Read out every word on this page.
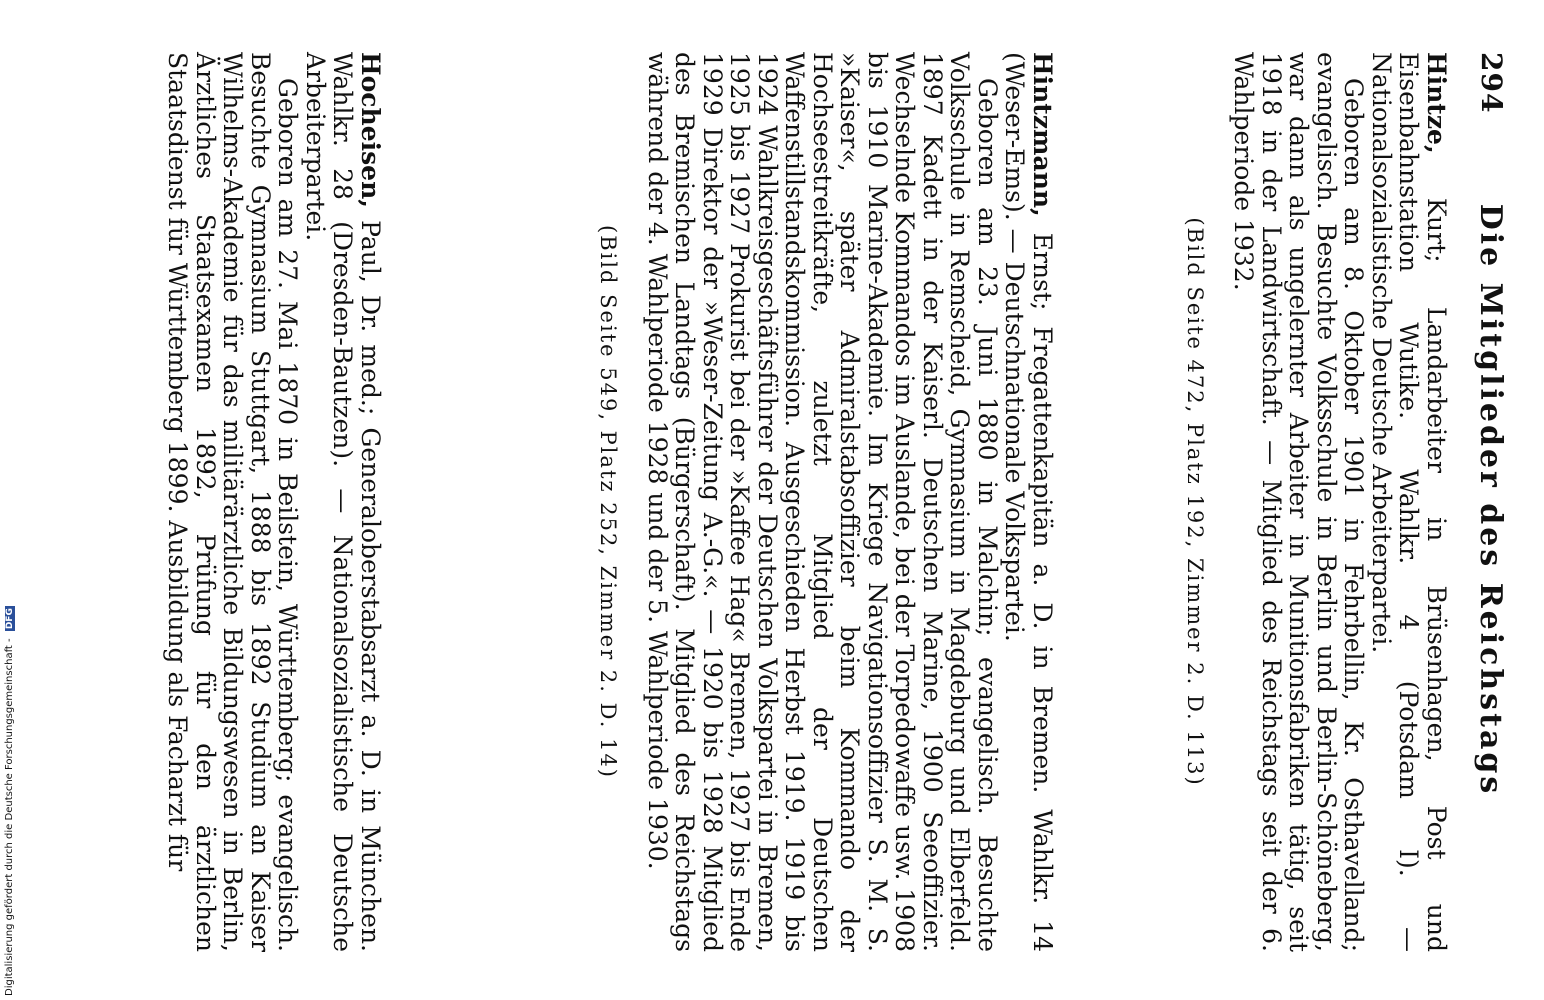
294
Die Mitglieder des Reichstags

Hintze, Kurt; Landarbeiter in Brüsenhagen, Post und Eisenbahnstation Wutike. Wahlkr. 4 (Potsdam I). — Nationalsozialistische Deutsche Arbeiterpartei.

Geboren am 8. Oktober 1901 in Fehrbellin, Kr. Osthavelland; evangelisch. Besuchte Volksschule in Berlin und Berlin-Schöneberg, war dann als ungelernter Arbeiter in Munitionsfabriken tätig, seit 1918 in der Landwirtschaft. — Mitglied des Reichstags seit der 6. Wahlperiode 1932.

(Bild Seite 472, Platz 192, Zimmer 2. D. 113)

Hintzmann, Ernst; Fregattenkapitän a. D. in Bremen. Wahlkr. 14 (Weser-Ems). — Deutschnationale Volkspartei.

Geboren am 23. Juni 1880 in Malchin; evangelisch. Besuchte Volksschule in Remscheid, Gymnasium in Magdeburg und Elberfeld. 1897 Kadett in der Kaiserl. Deutschen Marine, 1900 Seeoffizier. Wechselnde Kommandos im Auslande, bei der Torpedowaffe usw. 1908 bis 1910 Marine-Akademie. Im Kriege Navigationsoffizier S. M. S. »Kaiser«, später Admiralstabsoffizier beim Kommando der Hochseestreitkräfte, zuletzt Mitglied der Deutschen Waffenstillstandskommission. Ausgeschieden Herbst 1919. 1919 bis 1924 Wahlkreisgeschäftsführer der Deutschen Volkspartei in Bremen, 1925 bis 1927 Prokurist bei der »Kaffee Hag« Bremen, 1927 bis Ende 1929 Direktor der »Weser-Zeitung A.-G.«. — 1920 bis 1928 Mitglied des Bremischen Landtags (Bürgerschaft). Mitglied des Reichstags während der 4. Wahlperiode 1928 und der 5. Wahlperiode 1930.

(Bild Seite 549, Platz 252, Zimmer 2. D. 14)

Hocheisen, Paul, Dr. med.; Generaloberstabsarzt a. D. in München. Wahlkr. 28 (Dresden-Bautzen). — Nationalsozialistische Deutsche Arbeiterpartei.

Geboren am 27. Mai 1870 in Beilstein, Württemberg; evangelisch. Besuchte Gymnasium Stuttgart, 1888 bis 1892 Studium an Kaiser Wilhelms-Akademie für das militärärztliche Bildungswesen in Berlin, Ärztliches Staatsexamen 1892, Prüfung für den ärztlichen Staatsdienst für Württemberg 1899. Ausbildung als Facharzt für

Digitalisierung gefördert durch die Deutsche Forschungsgemeinschaft - DFG
